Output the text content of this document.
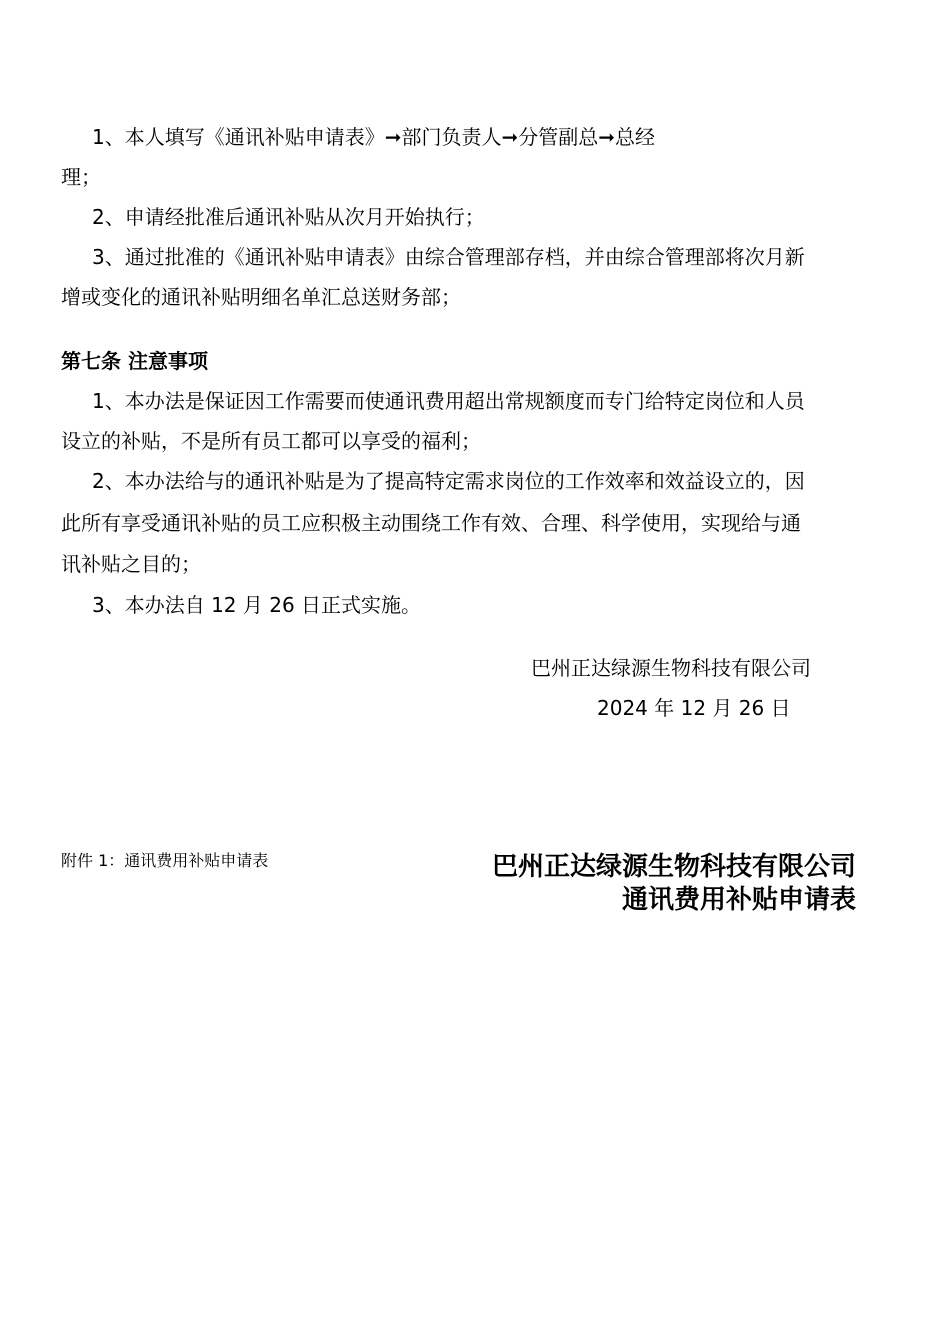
1、本人填写《通讯补贴申请表》➞部门负责人➞分管副总➞总经
理；
2、申请经批准后通讯补贴从次月开始执行；
3、通过批准的《通讯补贴申请表》由综合管理部存档，并由综合管理部将次月新
增或变化的通讯补贴明细名单汇总送财务部；
第七条 注意事项
1、本办法是保证因工作需要而使通讯费用超出常规额度而专门给特定岗位和人员
设立的补贴，不是所有员工都可以享受的福利；
2、本办法给与的通讯补贴是为了提高特定需求岗位的工作效率和效益设立的，因
此所有享受通讯补贴的员工应积极主动围绕工作有效、合理、科学使用，实现给与通
讯补贴之目的；
3、本办法自 12 月 26 日正式实施。
巴州正达绿源生物科技有限公司
2024 年 12 月 26 日
附件 1：通讯费用补贴申请表	巴州正达绿源生物科技有限公司
通讯费用补贴申请表
